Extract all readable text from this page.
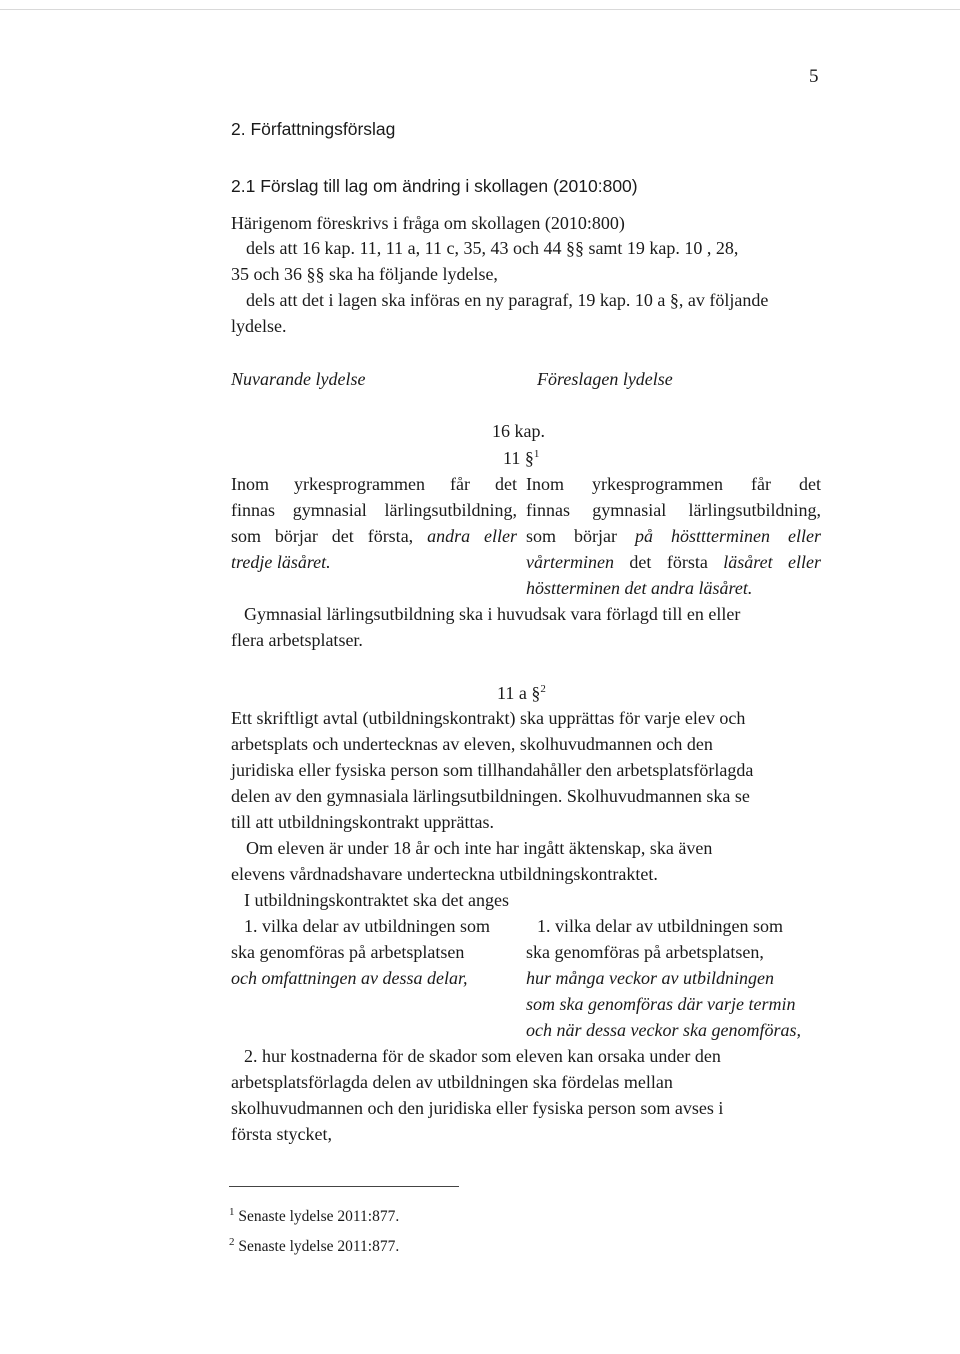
5
2. Författningsförslag
2.1 Förslag till lag om ändring i skollagen (2010:800)
Härigenom föreskrivs i fråga om skollagen (2010:800)
dels att 16 kap. 11, 11 a, 11 c, 35, 43 och 44 §§ samt 19 kap. 10 , 28,
35 och 36 §§ ska ha följande lydelse,
dels att det i lagen ska införas en ny paragraf, 19 kap. 10 a §, av följande
lydelse.
Nuvarande lydelse	Föreslagen lydelse
16 kap.
11 §$^1$
Inom yrkesprogrammen får det
finnas gymnasial lärlingsutbildning,
som börjar det första, andra eller
tredje läsåret.
Inom yrkesprogrammen får det
finnas gymnasial lärlingsutbildning,
som börjar på hösttterminen eller
vårterminen det första läsåret eller
höstterminen det andra läsåret.
Gymnasial lärlingsutbildning ska i huvudsak vara förlagd till en eller
flera arbetsplatser.
11 a §$^2$
Ett skriftligt avtal (utbildningskontrakt) ska upprättas för varje elev och
arbetsplats och undertecknas av eleven, skolhuvudmannen och den
juridiska eller fysiska person som tillhandahåller den arbetsplatsförlagda
delen av den gymnasiala lärlingsutbildningen. Skolhuvudmannen ska se
till att utbildningskontrakt upprättas.
Om eleven är under 18 år och inte har ingått äktenskap, ska även
elevens vårdnadshavare underteckna utbildningskontraktet.
I utbildningskontraktet ska det anges
1. vilka delar av utbildningen som
ska genomföras på arbetsplatsen
och omfattningen av dessa delar,
1. vilka delar av utbildningen som
ska genomföras på arbetsplatsen,
hur många veckor av utbildningen
som ska genomföras där varje termin
och när dessa veckor ska genomföras,
2. hur kostnaderna för de skador som eleven kan orsaka under den
arbetsplatsförlagda delen av utbildningen ska fördelas mellan
skolhuvudmannen och den juridiska eller fysiska person som avses i
första stycket,
$^1$ Senaste lydelse 2011:877.
$^2$ Senaste lydelse 2011:877.
